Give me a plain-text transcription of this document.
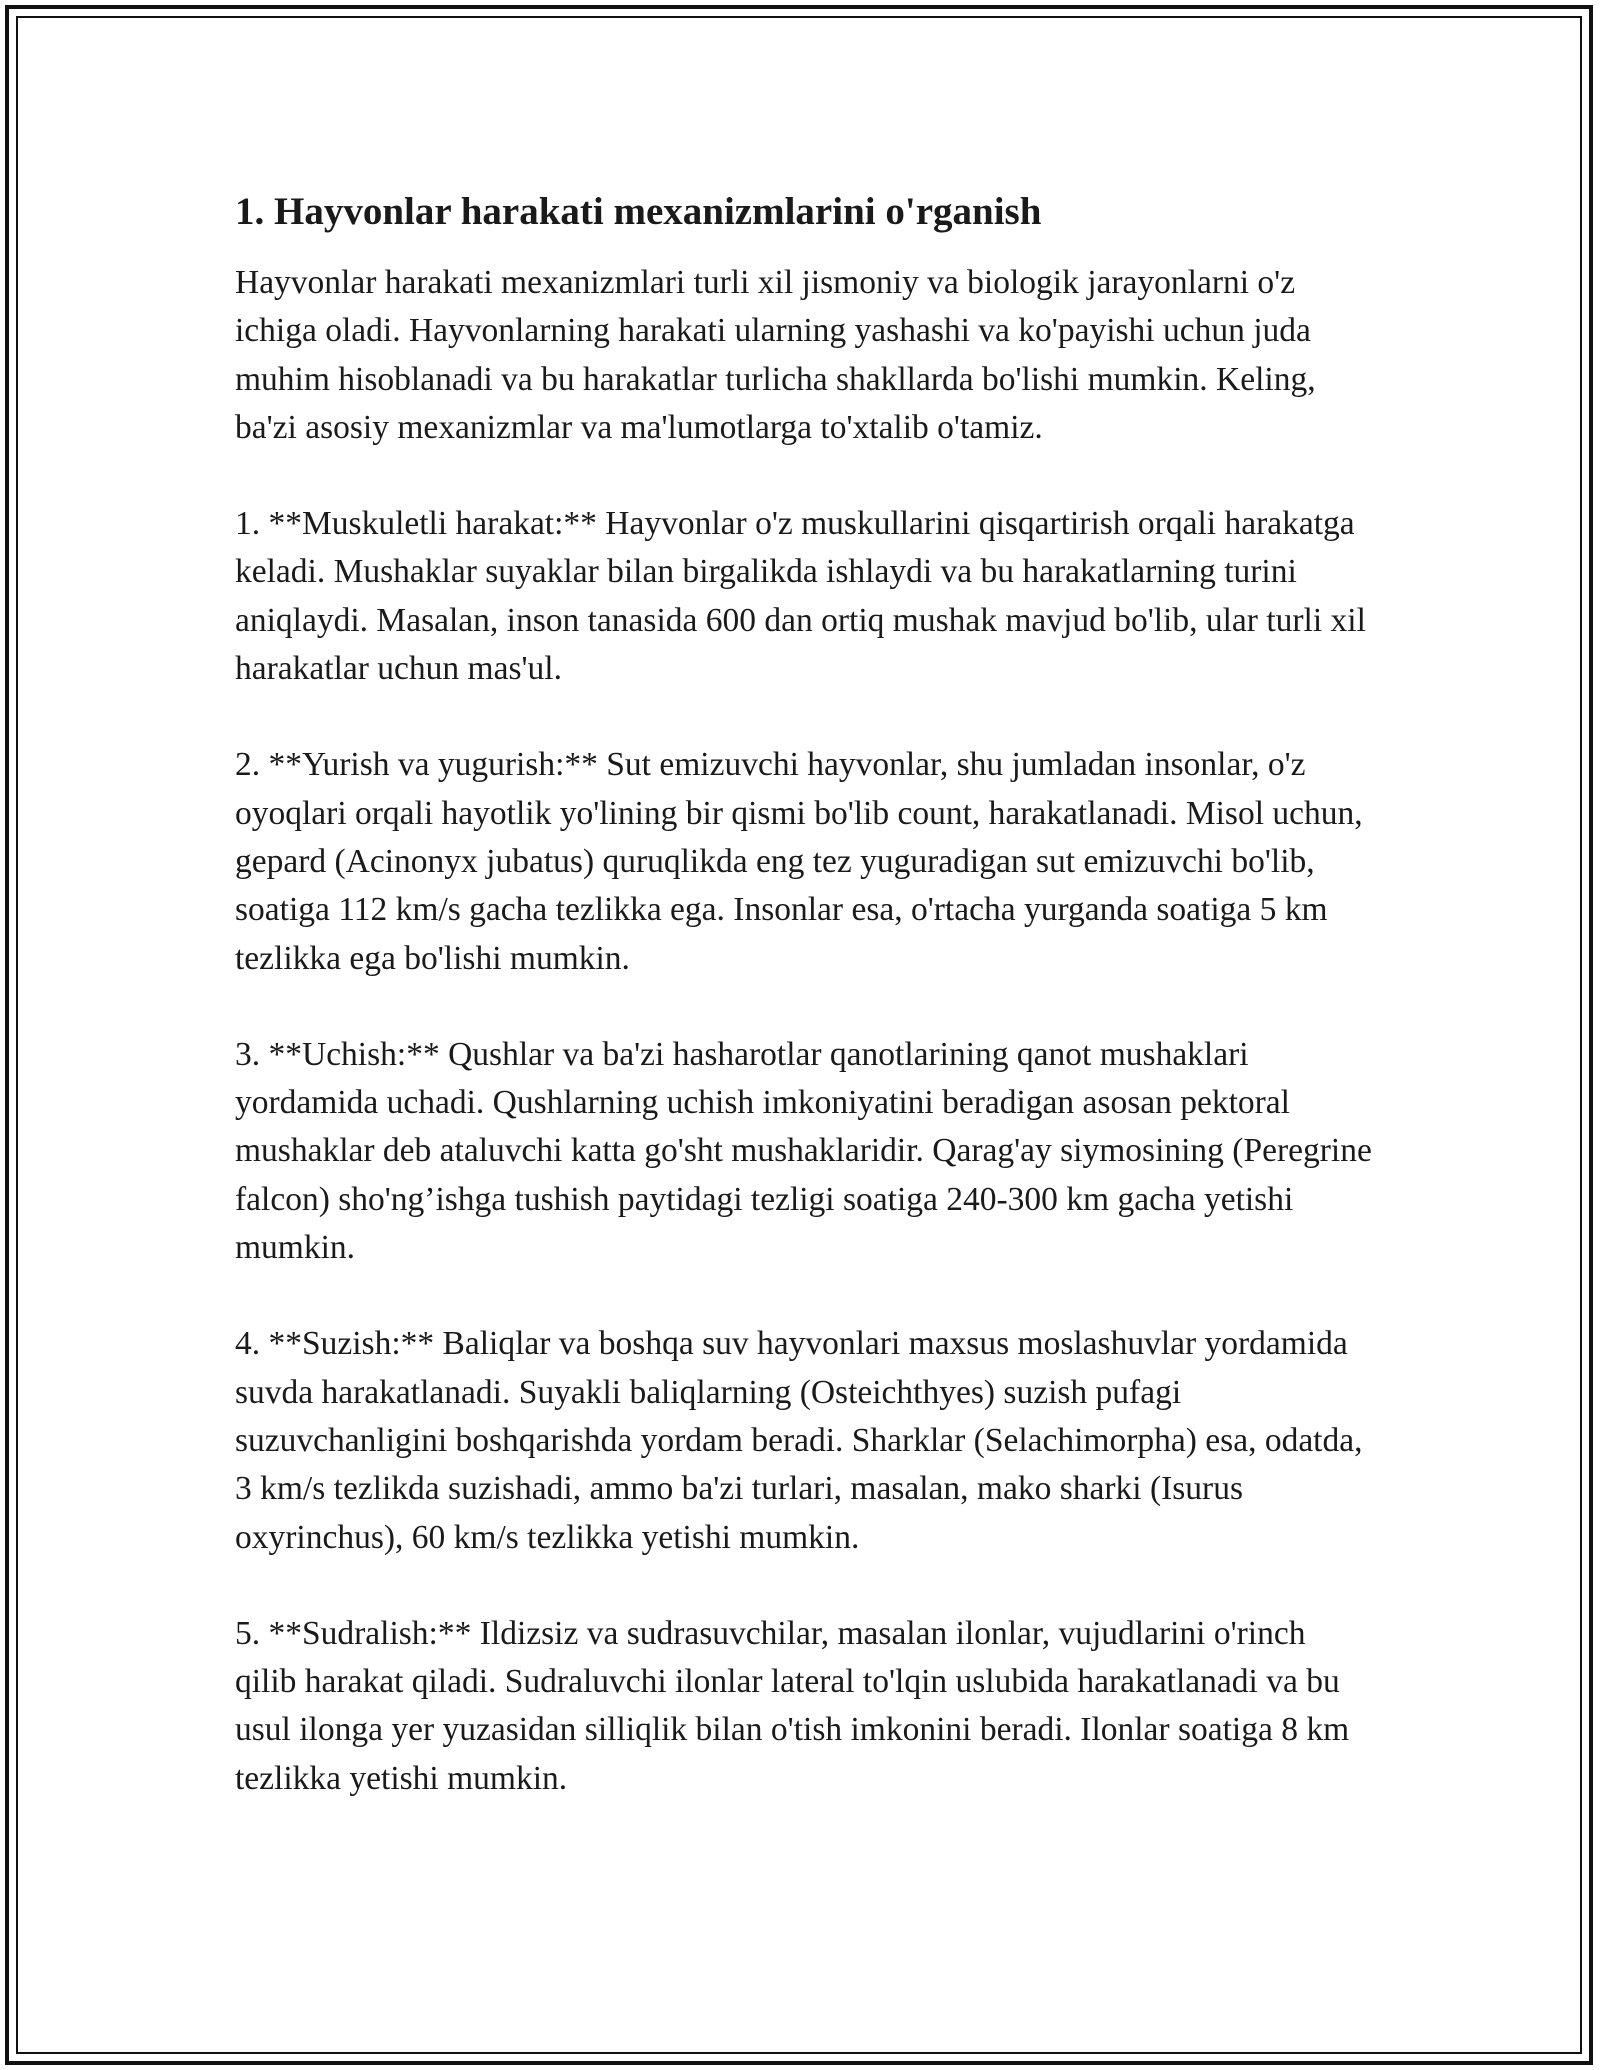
1. Hayvonlar harakati mexanizmlarini o'rganish

Hayvonlar harakati mexanizmlari turli xil jismoniy va biologik jarayonlarni o'z ichiga oladi. Hayvonlarning harakati ularning yashashi va ko'payishi uchun juda muhim hisoblanadi va bu harakatlar turlicha shakllarda bo'lishi mumkin. Keling, ba'zi asosiy mexanizmlar va ma'lumotlarga to'xtalib o'tamiz.

1. **Muskuletli harakat:** Hayvonlar o'z muskullarini qisqartirish orqali harakatga keladi. Mushaklar suyaklar bilan birgalikda ishlaydi va bu harakatlarning turini aniqlaydi. Masalan, inson tanasida 600 dan ortiq mushak mavjud bo'lib, ular turli xil harakatlar uchun mas'ul.

2. **Yurish va yugurish:** Sut emizuvchi hayvonlar, shu jumladan insonlar, o'z oyoqlari orqali hayotlik yo'lining bir qismi bo'lib count, harakatlanadi. Misol uchun, gepard (Acinonyx jubatus) quruqlikda eng tez yuguradigan sut emizuvchi bo'lib, soatiga 112 km/s gacha tezlikka ega. Insonlar esa, o'rtacha yurganda soatiga 5 km tezlikka ega bo'lishi mumkin.

3. **Uchish:** Qushlar va ba'zi hasharotlar qanotlarining qanot mushaklari yordamida uchadi. Qushlarning uchish imkoniyatini beradigan asosan pektoral mushaklar deb ataluvchi katta go'sht mushaklaridir. Qarag'ay siymosining (Peregrine falcon) sho'ng’ishga tushish paytidagi tezligi soatiga 240-300 km gacha yetishi mumkin.

4. **Suzish:** Baliqlar va boshqa suv hayvonlari maxsus moslashuvlar yordamida suvda harakatlanadi. Suyakli baliqlarning (Osteichthyes) suzish pufagi suzuvchanligini boshqarishda yordam beradi. Sharklar (Selachimorpha) esa, odatda, 3 km/s tezlikda suzishadi, ammo ba'zi turlari, masalan, mako sharki (Isurus oxyrinchus), 60 km/s tezlikka yetishi mumkin.

5. **Sudralish:** Ildizsiz va sudrasuvchilar, masalan ilonlar, vujudlarini o'rinch qilib harakat qiladi. Sudraluvchi ilonlar lateral to'lqin uslubida harakatlanadi va bu usul ilonga yer yuzasidan silliqlik bilan o'tish imkonini beradi. Ilonlar soatiga 8 km tezlikka yetishi mumkin.
